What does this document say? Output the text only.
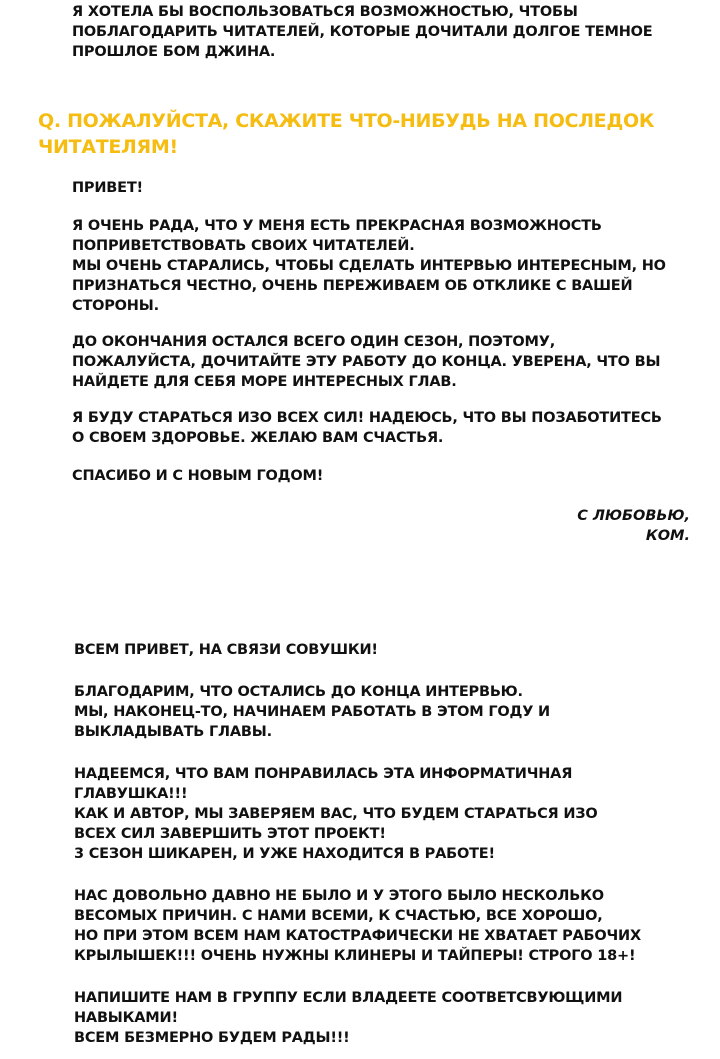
Я ХОТЕЛА БЫ ВОСПОЛЬЗОВАТЬСЯ ВОЗМОЖНОСТЬЮ, ЧТОБЫ
ПОБЛАГОДАРИТЬ ЧИТАТЕЛЕЙ, КОТОРЫЕ ДОЧИТАЛИ ДОЛГОЕ ТЕМНОЕ
ПРОШЛОЕ БОМ ДЖИНА.

Q. ПОЖАЛУЙСТА, СКАЖИТЕ ЧТО-НИБУДЬ НА ПОСЛЕДОК
ЧИТАТЕЛЯМ!

ПРИВЕТ!

Я ОЧЕНЬ РАДА, ЧТО У МЕНЯ ЕСТЬ ПРЕКРАСНАЯ ВОЗМОЖНОСТЬ
ПОПРИВЕТСТВОВАТЬ СВОИХ ЧИТАТЕЛЕЙ.
МЫ ОЧЕНЬ СТАРАЛИСЬ, ЧТОБЫ СДЕЛАТЬ ИНТЕРВЬЮ ИНТЕРЕСНЫМ, НО
ПРИЗНАТЬСЯ ЧЕСТНО, ОЧЕНЬ ПЕРЕЖИВАЕМ ОБ ОТКЛИКЕ С ВАШЕЙ
СТОРОНЫ.

ДО ОКОНЧАНИЯ ОСТАЛСЯ ВСЕГО ОДИН СЕЗОН, ПОЭТОМУ,
ПОЖАЛУЙСТА, ДОЧИТАЙТЕ ЭТУ РАБОТУ ДО КОНЦА. УВЕРЕНА, ЧТО ВЫ
НАЙДЕТЕ ДЛЯ СЕБЯ МОРЕ ИНТЕРЕСНЫХ ГЛАВ.

Я БУДУ СТАРАТЬСЯ ИЗО ВСЕХ СИЛ! НАДЕЮСЬ, ЧТО ВЫ ПОЗАБОТИТЕСЬ
О СВОЕМ ЗДОРОВЬЕ. ЖЕЛАЮ ВАМ СЧАСТЬЯ.

СПАСИБО И С НОВЫМ ГОДОМ!

С ЛЮБОВЬЮ,
КОМ.

ВСЕМ ПРИВЕТ, НА СВЯЗИ СОВУШКИ!

БЛАГОДАРИМ, ЧТО ОСТАЛИСЬ ДО КОНЦА ИНТЕРВЬЮ.
МЫ, НАКОНЕЦ-ТО, НАЧИНАЕМ РАБОТАТЬ В ЭТОМ ГОДУ И
ВЫКЛАДЫВАТЬ ГЛАВЫ.

НАДЕЕМСЯ, ЧТО ВАМ ПОНРАВИЛАСЬ ЭТА ИНФОРМАТИЧНАЯ
ГЛАВУШКА!!!
КАК И АВТОР, МЫ ЗАВЕРЯЕМ ВАС, ЧТО БУДЕМ СТАРАТЬСЯ ИЗО
ВСЕХ СИЛ ЗАВЕРШИТЬ ЭТОТ ПРОЕКТ!
3 СЕЗОН ШИКАРЕН, И УЖЕ НАХОДИТСЯ В РАБОТЕ!

НАС ДОВОЛЬНО ДАВНО НЕ БЫЛО И У ЭТОГО БЫЛО НЕСКОЛЬКО
ВЕСОМЫХ ПРИЧИН. С НАМИ ВСЕМИ, К СЧАСТЬЮ, ВСЕ ХОРОШО,
НО ПРИ ЭТОМ ВСЕМ НАМ КАТОСТРАФИЧЕСКИ НЕ ХВАТАЕТ РАБОЧИХ
КРЫЛЫШЕК!!! ОЧЕНЬ НУЖНЫ КЛИНЕРЫ И ТАЙПЕРЫ! СТРОГО 18+!

НАПИШИТЕ НАМ В ГРУППУ ЕСЛИ ВЛАДЕЕТЕ СООТВЕТСВУЮЩИМИ
НАВЫКАМИ!
ВСЕМ БЕЗМЕРНО БУДЕМ РАДЫ!!!
